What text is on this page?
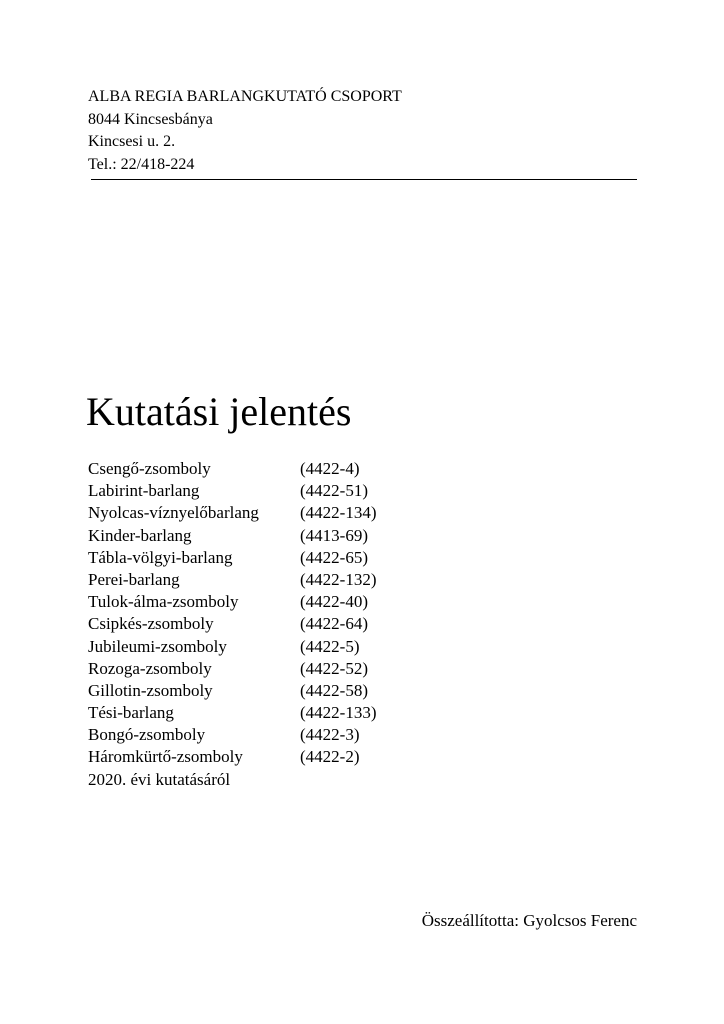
ALBA REGIA BARLANGKUTATÓ CSOPORT
8044 Kincsesbánya
Kincsesi u. 2.
Tel.: 22/418-224
Kutatási jelentés
Csengő-zsomboly	(4422-4)
Labirint-barlang	(4422-51)
Nyolcas-víznyelőbarlang	(4422-134)
Kinder-barlang	(4413-69)
Tábla-völgyi-barlang	(4422-65)
Perei-barlang	(4422-132)
Tulok-álma-zsomboly	(4422-40)
Csipkés-zsomboly	(4422-64)
Jubileumi-zsomboly	(4422-5)
Rozoga-zsomboly	(4422-52)
Gillotin-zsomboly	(4422-58)
Tési-barlang	(4422-133)
Bongó-zsomboly	(4422-3)
Háromkürtő-zsomboly	(4422-2)
2020. évi kutatásáról
Összeállította: Gyolcsos Ferenc
